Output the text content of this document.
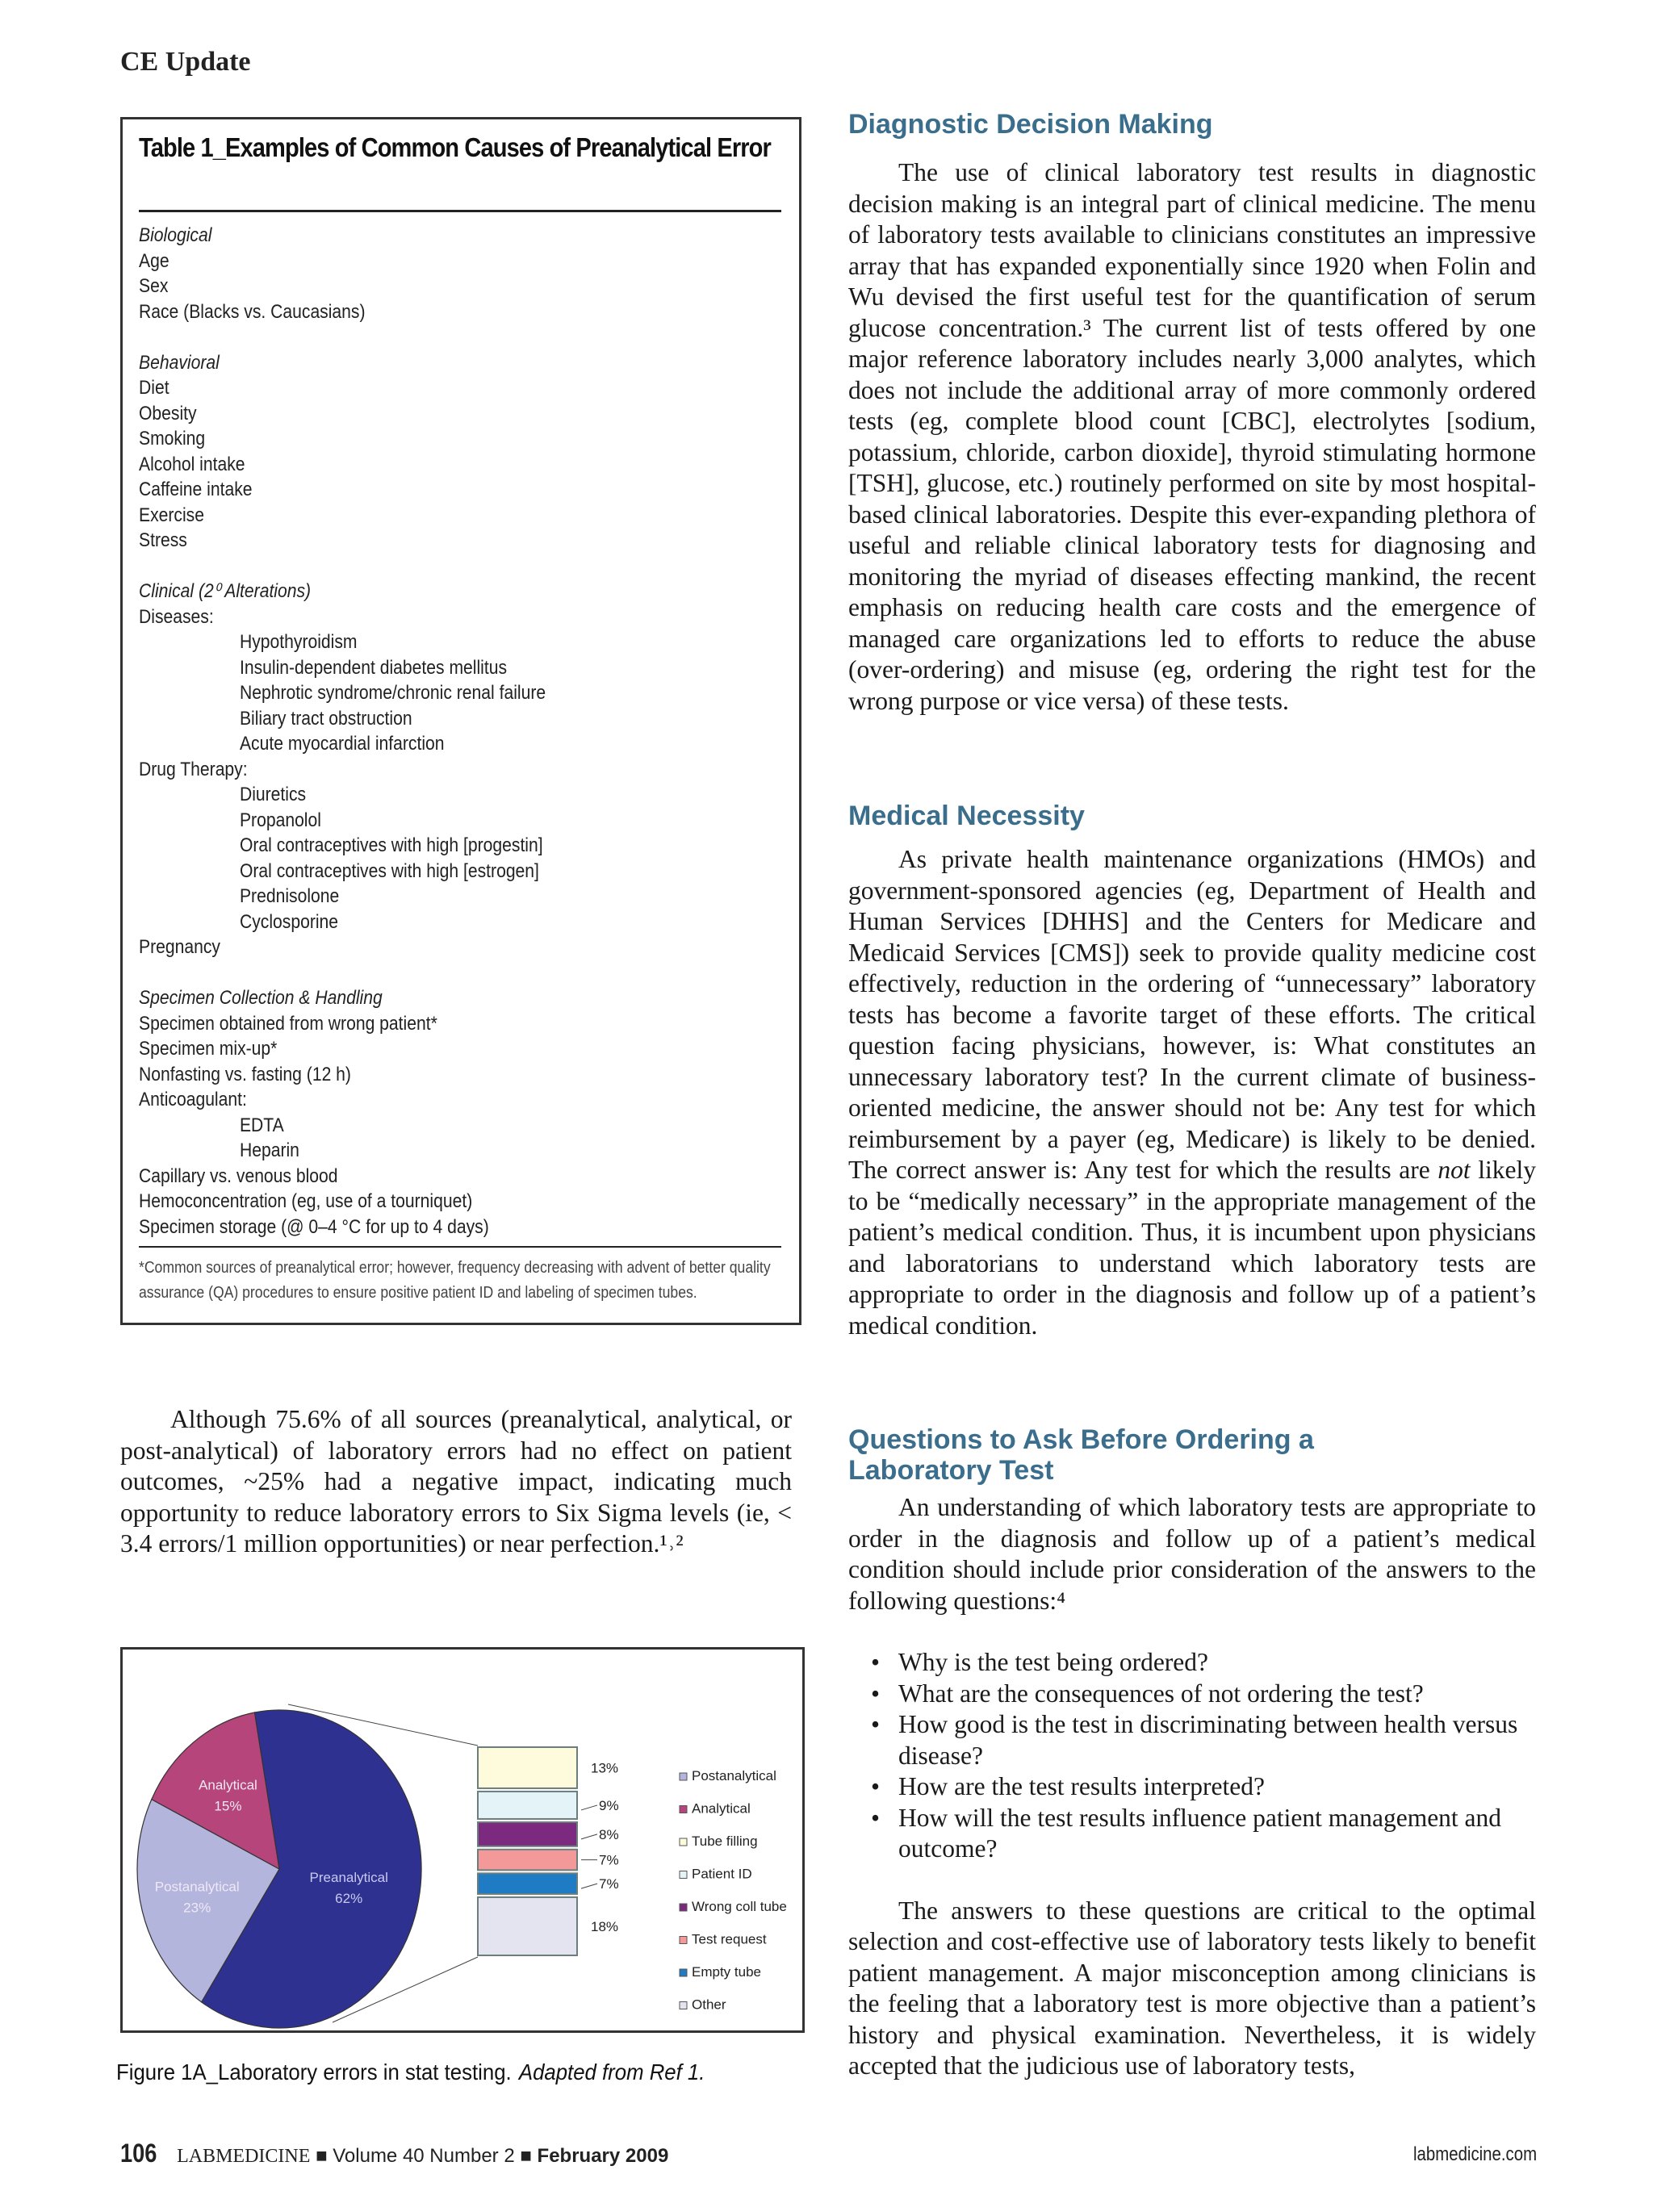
CE Update
Table 1_Examples of Common Causes of Preanalytical Error
Biological
Age
Sex
Race (Blacks vs. Caucasians)
Behavioral
Diet
Obesity
Smoking
Alcohol intake
Caffeine intake
Exercise
Stress
Clinical (2⁰ Alterations)
Diseases:
Hypothyroidism
Insulin-dependent diabetes mellitus
Nephrotic syndrome/chronic renal failure
Biliary tract obstruction
Acute myocardial infarction
Drug Therapy:
Diuretics
Propanolol
Oral contraceptives with high [progestin]
Oral contraceptives with high [estrogen]
Prednisolone
Cyclosporine
Pregnancy
Specimen Collection & Handling
Specimen obtained from wrong patient*
Specimen mix-up*
Nonfasting vs. fasting (12 h)
Anticoagulant:
EDTA
Heparin
Capillary vs. venous blood
Hemoconcentration (eg, use of a tourniquet)
Specimen storage (@ 0–4 °C for up to 4 days)
*Common sources of preanalytical error; however, frequency decreasing with advent of better quality assurance (QA) procedures to ensure positive patient ID and labeling of specimen tubes.

Although 75.6% of all sources (preanalytical, analytical, or post-analytical) of laboratory errors had no effect on patient outcomes, ~25% had a negative impact, indicating much opportunity to reduce laboratory errors to Six Sigma levels (ie, < 3.4 errors/1 million opportunities) or near perfection.¹˒²

Preanalytical
62%
Postanalytical
23%
Analytical
15%
13%
9%
8%
7%
7%
18%
Postanalytical
Analytical
Tube filling
Patient ID
Wrong coll tube
Test request
Empty tube
Other
Figure 1A_Laboratory errors in stat testing. Adapted from Ref 1.
Diagnostic Decision Making

The use of clinical laboratory test results in diagnostic decision making is an integral part of clinical medicine. The menu of laboratory tests available to clinicians constitutes an impressive array that has expanded exponentially since 1920 when Folin and Wu devised the first useful test for the quantification of serum glucose concentration.³ The current list of tests offered by one major reference laboratory includes nearly 3,000 analytes, which does not include the additional array of more commonly ordered tests (eg, complete blood count [CBC], electrolytes [sodium, potassium, chloride, carbon dioxide], thyroid stimulating hormone [TSH], glucose, etc.) routinely performed on site by most hospital-based clinical laboratories. Despite this ever-expanding plethora of useful and reliable clinical laboratory tests for diagnosing and monitoring the myriad of diseases effecting mankind, the recent emphasis on reducing health care costs and the emergence of managed care organizations led to efforts to reduce the abuse (over-ordering) and misuse (eg, ordering the right test for the wrong purpose or vice versa) of these tests.

Medical Necessity

As private health maintenance organizations (HMOs) and government-sponsored agencies (eg, Department of Health and Human Services [DHHS] and the Centers for Medicare and Medicaid Services [CMS]) seek to provide quality medicine cost effectively, reduction in the ordering of “unnecessary” laboratory tests has become a favorite target of these efforts. The critical question facing physicians, however, is: What constitutes an unnecessary laboratory test? In the current climate of business-oriented medicine, the answer should not be: Any test for which reimbursement by a payer (eg, Medicare) is likely to be denied. The correct answer is: Any test for which the results are not likely to be “medically necessary” in the appropriate management of the patient’s medical condition. Thus, it is incumbent upon physicians and laboratorians to understand which laboratory tests are appropriate to order in the diagnosis and follow up of a patient’s medical condition.

Questions to Ask Before Ordering a Laboratory Test

An understanding of which laboratory tests are appropriate to order in the diagnosis and follow up of a patient’s medical condition should include prior consideration of the answers to the following questions:⁴

• Why is the test being ordered?
• What are the consequences of not ordering the test?
• How good is the test in discriminating between health versus disease?
• How are the test results interpreted?
• How will the test results influence patient management and outcome?

The answers to these questions are critical to the optimal selection and cost-effective use of laboratory tests likely to benefit patient management. A major misconception among clinicians is the feeling that a laboratory test is more objective than a patient’s history and physical examination. Nevertheless, it is widely accepted that the judicious use of laboratory tests,

106 LABMEDICINE ■ Volume 40 Number 2 ■ February 2009	labmedicine.com
